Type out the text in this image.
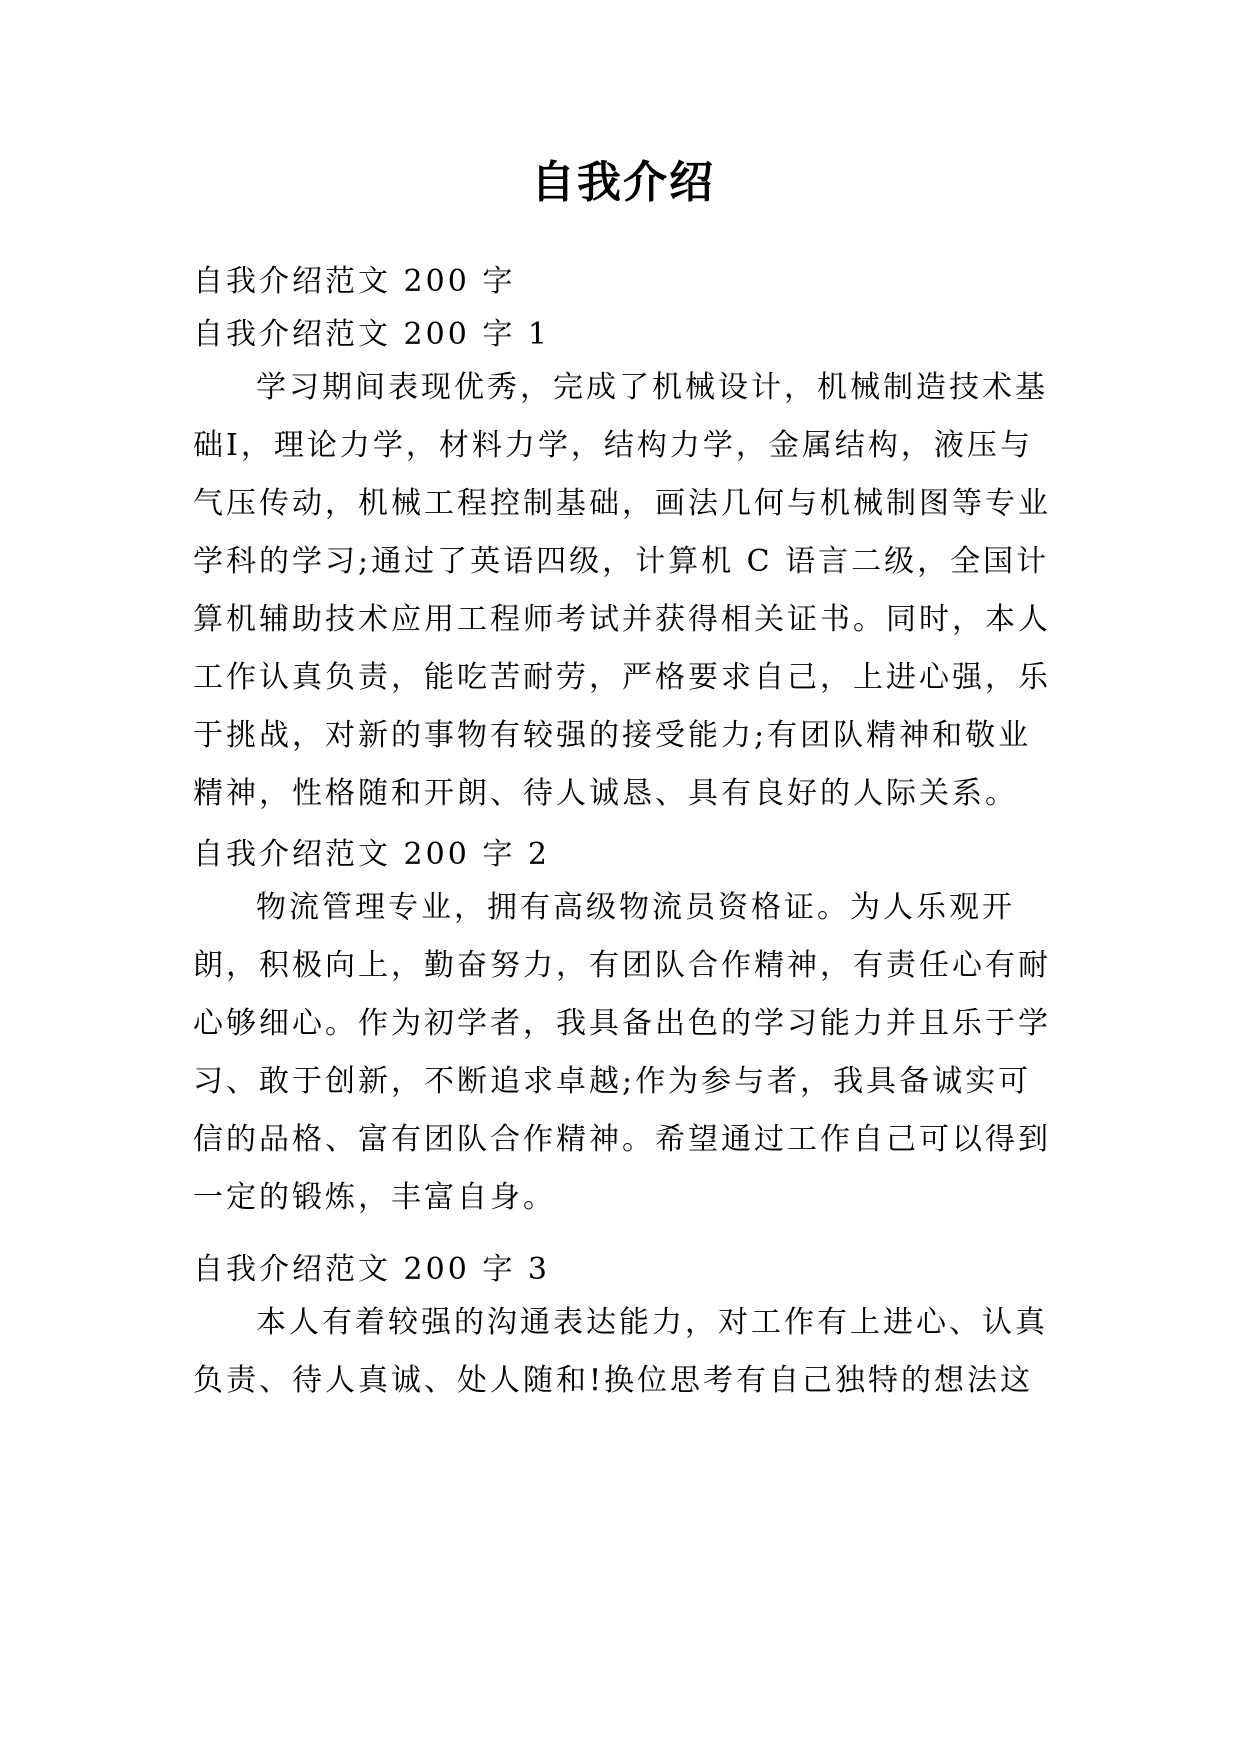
自我介绍
自我介绍范文 200 字
自我介绍范文 200 字 1
学习期间表现优秀，完成了机械设计，机械制造技术基础Ⅰ，理论力学，材料力学，结构力学，金属结构，液压与气压传动，机械工程控制基础，画法几何与机械制图等专业学科的学习;通过了英语四级，计算机 C 语言二级，全国计算机辅助技术应用工程师考试并获得相关证书。同时，本人工作认真负责，能吃苦耐劳，严格要求自己，上进心强，乐于挑战，对新的事物有较强的接受能力;有团队精神和敬业精神，性格随和开朗、待人诚恳、具有良好的人际关系。
自我介绍范文 200 字 2
物流管理专业，拥有高级物流员资格证。为人乐观开朗，积极向上，勤奋努力，有团队合作精神，有责任心有耐心够细心。作为初学者，我具备出色的学习能力并且乐于学习、敢于创新，不断追求卓越;作为参与者，我具备诚实可信的品格、富有团队合作精神。希望通过工作自己可以得到一定的锻炼，丰富自身。
自我介绍范文 200 字 3
本人有着较强的沟通表达能力，对工作有上进心、认真负责、待人真诚、处人随和!换位思考有自己独特的想法这
